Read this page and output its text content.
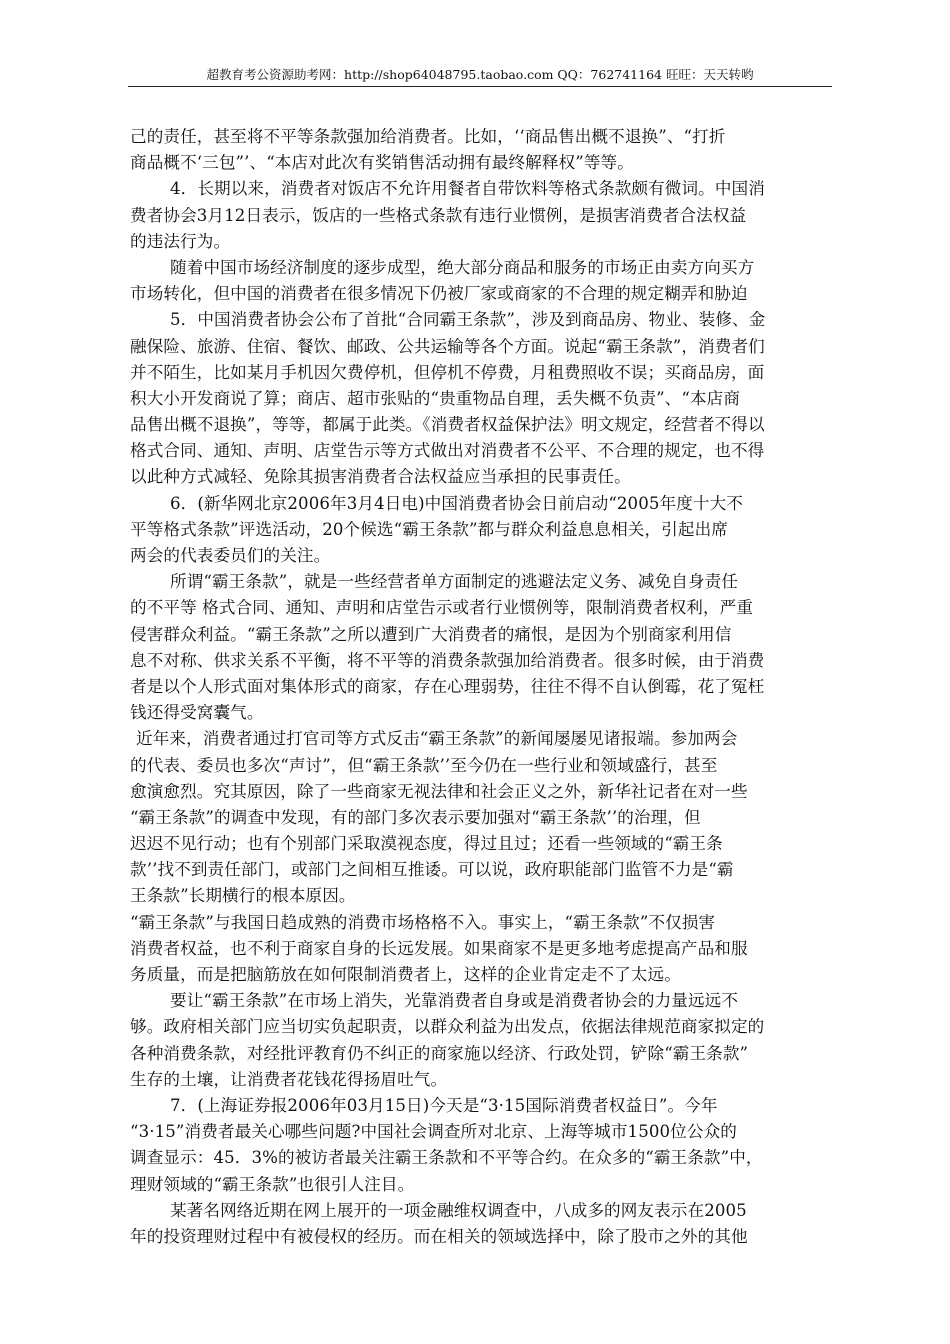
超教育考公资源助考网：http://shop64048795.taobao.com QQ：762741164 旺旺：天天转哟
己的责任，甚至将不平等条款强加给消费者。比如，‘‘商品售出概不退换”、“打折
商品概不‘三包”’、“本店对此次有奖销售活动拥有最终解释权”等等。
4．长期以来，消费者对饭店不允许用餐者自带饮料等格式条款颇有微词。中国消
费者协会3月12日表示，饭店的一些格式条款有违行业惯例，是损害消费者合法权益
的违法行为。
随着中国市场经济制度的逐步成型，绝大部分商品和服务的市场正由卖方向买方
市场转化，但中国的消费者在很多情况下仍被厂家或商家的不合理的规定糊弄和胁迫
5．中国消费者协会公布了首批“合同霸王条款”，涉及到商品房、物业、装修、金
融保险、旅游、住宿、餐饮、邮政、公共运输等各个方面。说起“霸王条款”，消费者们
并不陌生，比如某月手机因欠费停机，但停机不停费，月租费照收不误；买商品房，面
积大小开发商说了算；商店、超市张贴的“贵重物品自理，丢失概不负责”、“本店商
品售出概不退换”，等等，都属于此类。《消费者权益保护法》明文规定，经营者不得以
格式合同、通知、声明、店堂告示等方式做出对消费者不公平、不合理的规定，也不得
以此种方式减轻、免除其损害消费者合法权益应当承担的民事责任。
6．(新华网北京2006年3月4日电)中国消费者协会日前启动“2005年度十大不
平等格式条款”评选活动，20个候选“霸王条款”都与群众利益息息相关，引起出席
两会的代表委员们的关注。
所谓“霸王条款”，就是一些经营者单方面制定的逃避法定义务、减免自身责任
的不平等 格式合同、通知、声明和店堂告示或者行业惯例等，限制消费者权利，严重
侵害群众利益。“霸王条款”之所以遭到广大消费者的痛恨，是因为个别商家利用信
息不对称、供求关系不平衡，将不平等的消费条款强加给消费者。很多时候，由于消费
者是以个人形式面对集体形式的商家，存在心理弱势，往往不得不自认倒霉，花了冤枉
钱还得受窝囊气。
近年来，消费者通过打官司等方式反击“霸王条款”的新闻屡屡见诸报端。参加两会
的代表、委员也多次“声讨”，但“霸王条款’’至今仍在一些行业和领域盛行，甚至
愈演愈烈。究其原因，除了一些商家无视法律和社会正义之外，新华社记者在对一些
“霸王条款”的调查中发现，有的部门多次表示要加强对“霸王条款’’的治理，但
迟迟不见行动；也有个别部门采取漠视态度，得过且过；还看一些领域的“霸王条
款’’找不到责任部门，或部门之间相互推诿。可以说，政府职能部门监管不力是“霸
王条款”长期横行的根本原因。
“霸王条款”与我国日趋成熟的消费市场格格不入。事实上，“霸王条款”不仅损害
消费者权益，也不利于商家自身的长远发展。如果商家不是更多地考虑提高产品和服
务质量，而是把脑筋放在如何限制消费者上，这样的企业肯定走不了太远。
要让“霸王条款”在市场上消失，光靠消费者自身或是消费者协会的力量远远不
够。政府相关部门应当切实负起职责，以群众利益为出发点，依据法律规范商家拟定的
各种消费条款，对经批评教育仍不纠正的商家施以经济、行政处罚，铲除“霸王条款”
生存的土壤，让消费者花钱花得扬眉吐气。
7．(上海证券报2006年03月15日)今天是“3·15国际消费者权益日”。今年
“3·15”消费者最关心哪些问题?中国社会调查所对北京、上海等城市1500位公众的
调查显示：45．3%的被访者最关注霸王条款和不平等合约。在众多的“霸王条款”中，
理财领域的“霸王条款”也很引人注目。
某著名网络近期在网上展开的一项金融维权调查中，八成多的网友表示在2005
年的投资理财过程中有被侵权的经历。而在相关的领域选择中，除了股市之外的其他
